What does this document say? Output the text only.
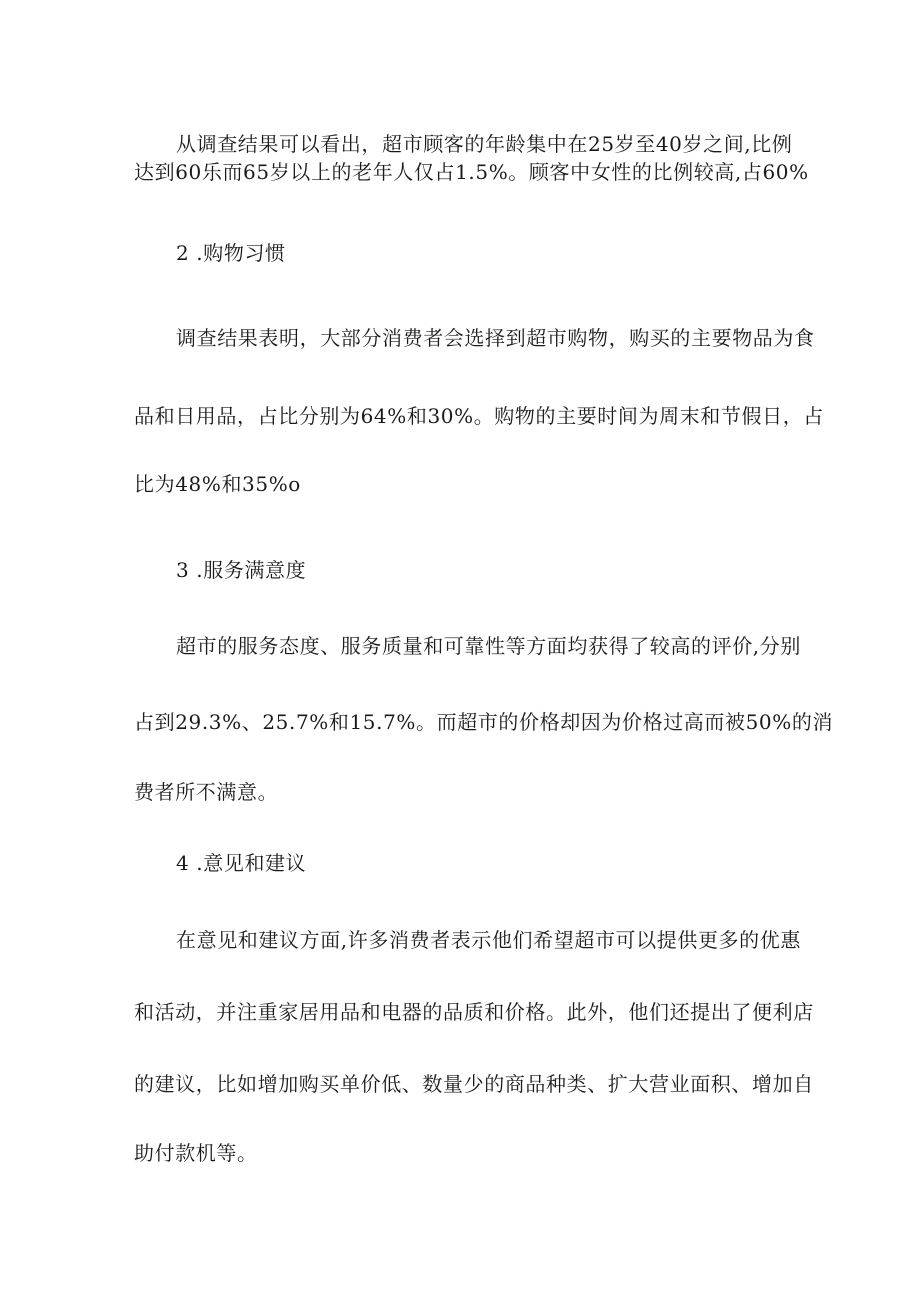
从调查结果可以看出，超市顾客的年龄集中在25岁至40岁之间,比例
达到60乐而65岁以上的老年人仅占1.5%。顾客中女性的比例较高,占60%
2 .购物习惯
调查结果表明，大部分消费者会选择到超市购物，购买的主要物品为食
品和日用品，占比分别为64%和30%。购物的主要时间为周末和节假日，占
比为48%和35%o
3 .服务满意度
超市的服务态度、服务质量和可靠性等方面均获得了较高的评价,分别
占到29.3%、25.7%和15.7%。而超市的价格却因为价格过高而被50%的消
费者所不满意。
4 .意见和建议
在意见和建议方面,许多消费者表示他们希望超市可以提供更多的优惠
和活动，并注重家居用品和电器的品质和价格。此外，他们还提出了便利店
的建议，比如增加购买单价低、数量少的商品种类、扩大营业面积、增加自
助付款机等。
